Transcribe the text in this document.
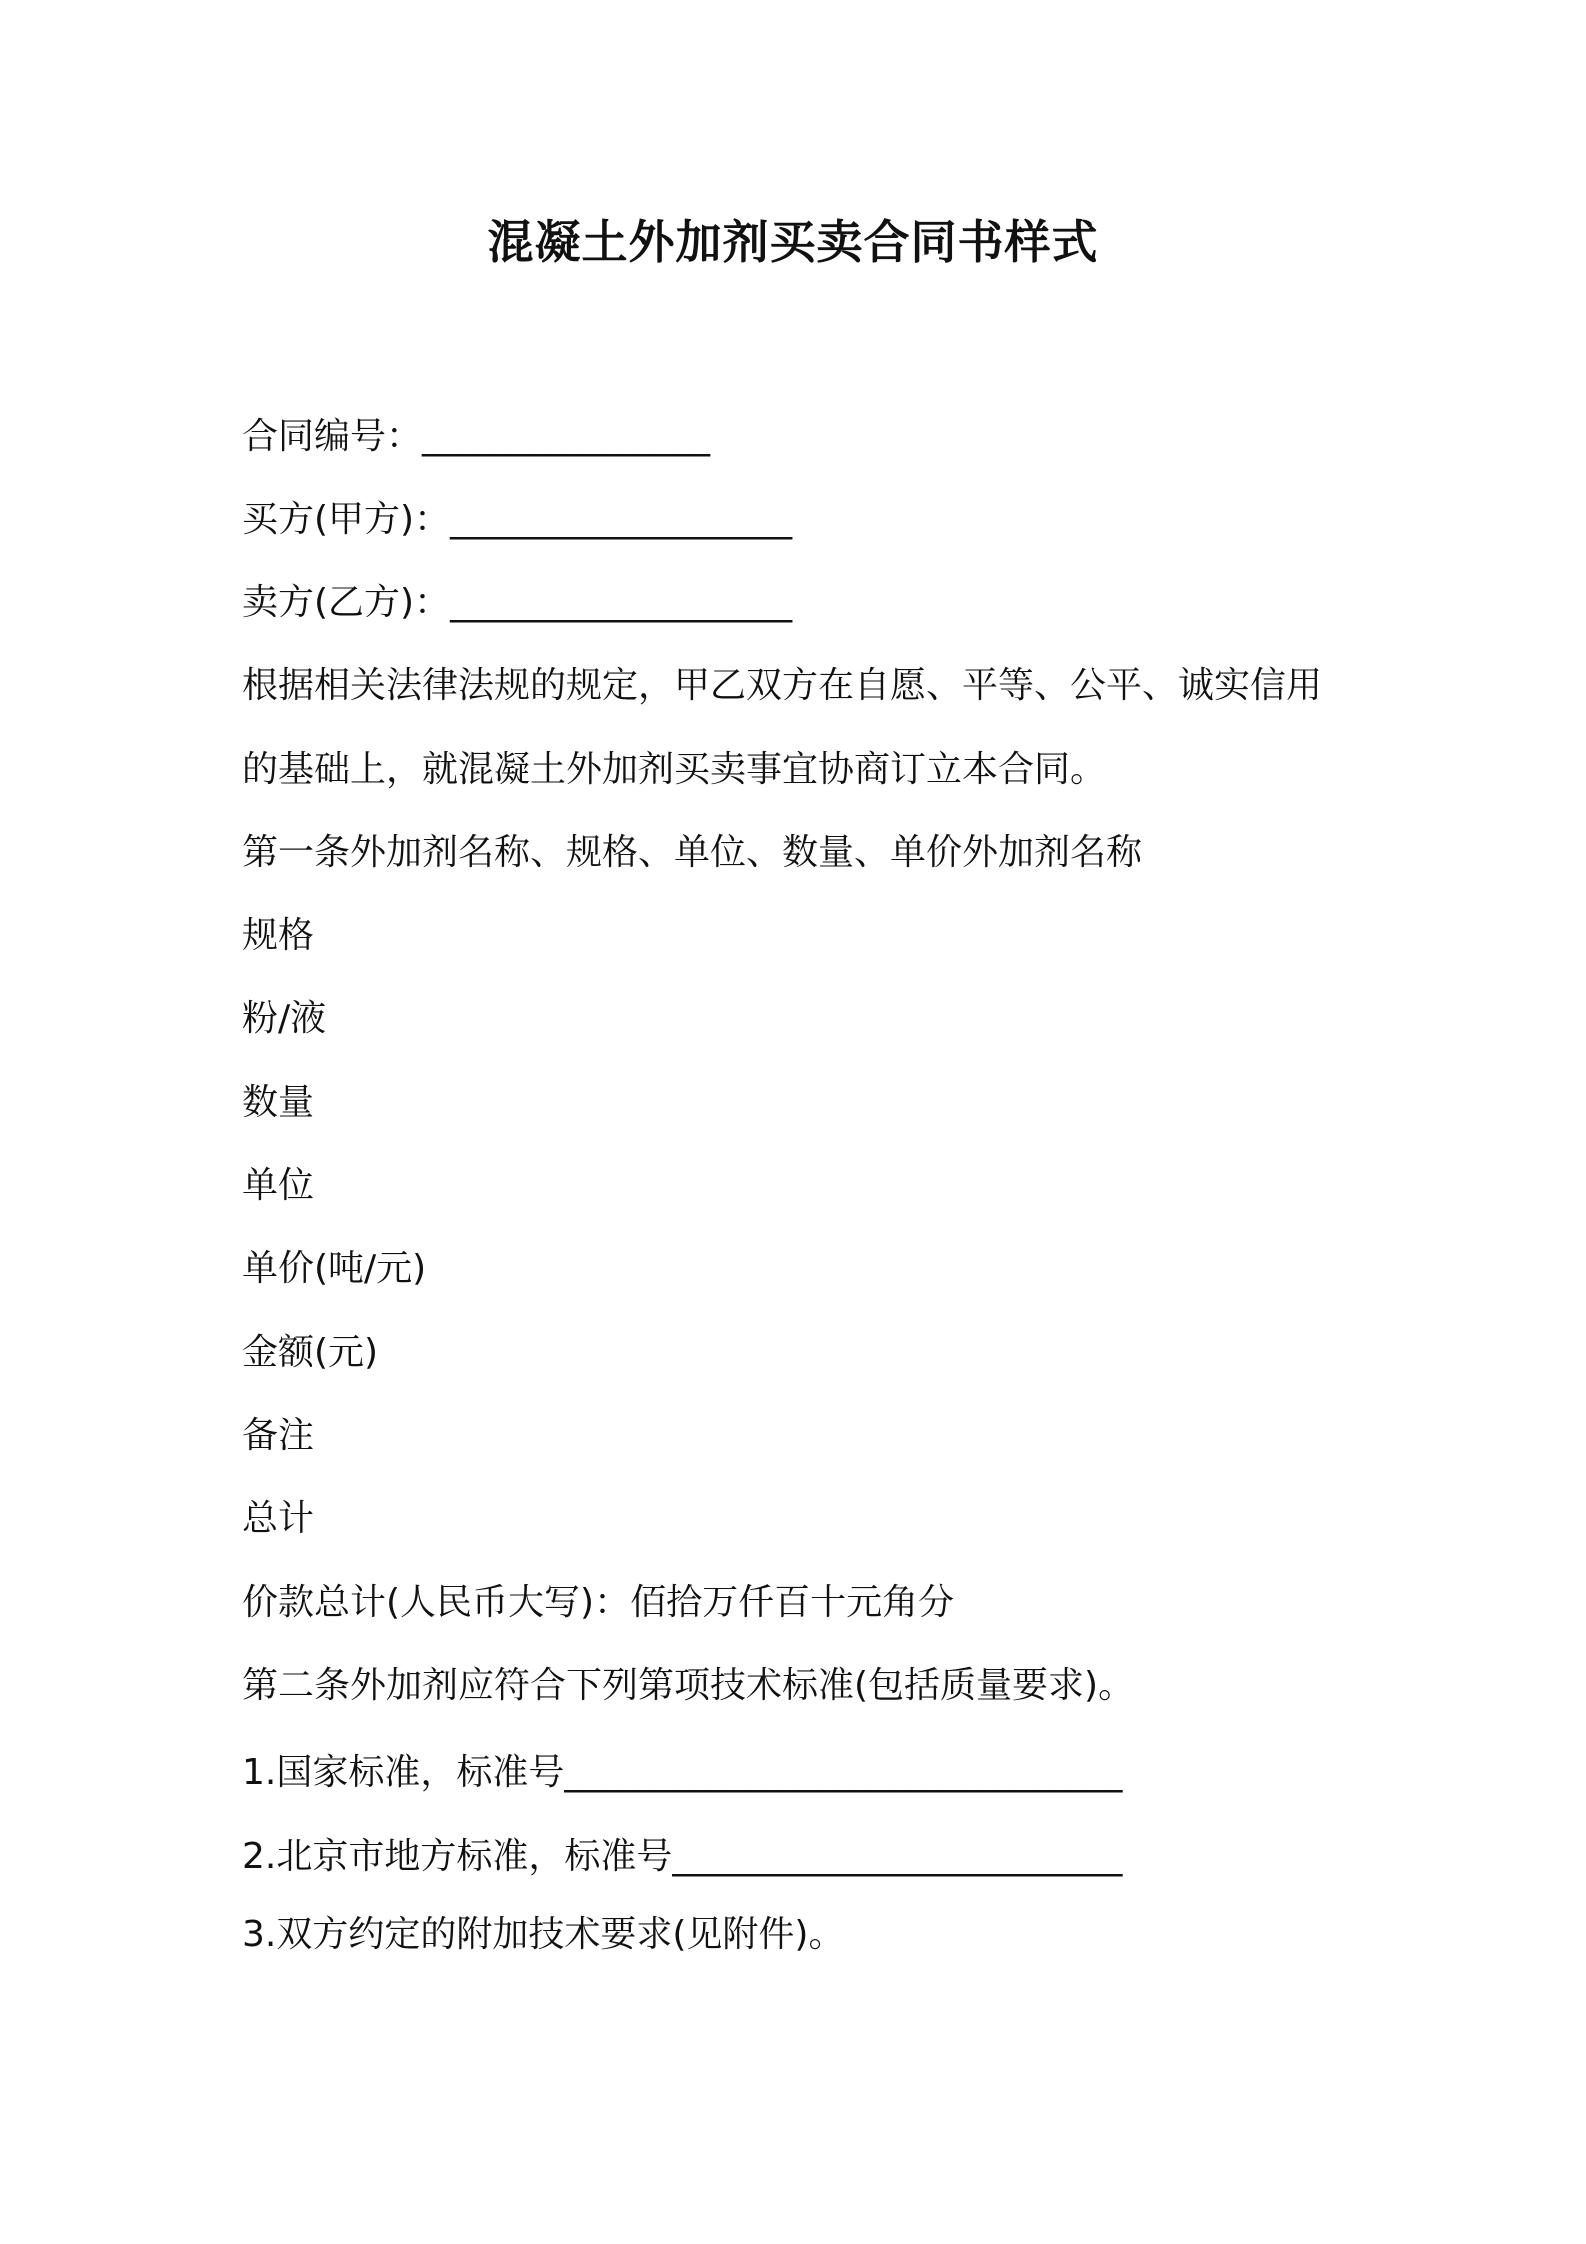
混凝土外加剂买卖合同书样式
合同编号：________________
买方(甲方)：___________________
卖方(乙方)：___________________
根据相关法律法规的规定，甲乙双方在自愿、平等、公平、诚实信用
的基础上，就混凝土外加剂买卖事宜协商订立本合同。
第一条外加剂名称、规格、单位、数量、单价外加剂名称
规格
粉/液
数量
单位
单价(吨/元)
金额(元)
备注
总计
价款总计(人民币大写)：佰拾万仟百十元角分
第二条外加剂应符合下列第项技术标准(包括质量要求)。
1.国家标准，标准号_______________________________
2.北京市地方标准，标准号_________________________
3.双方约定的附加技术要求(见附件)。
